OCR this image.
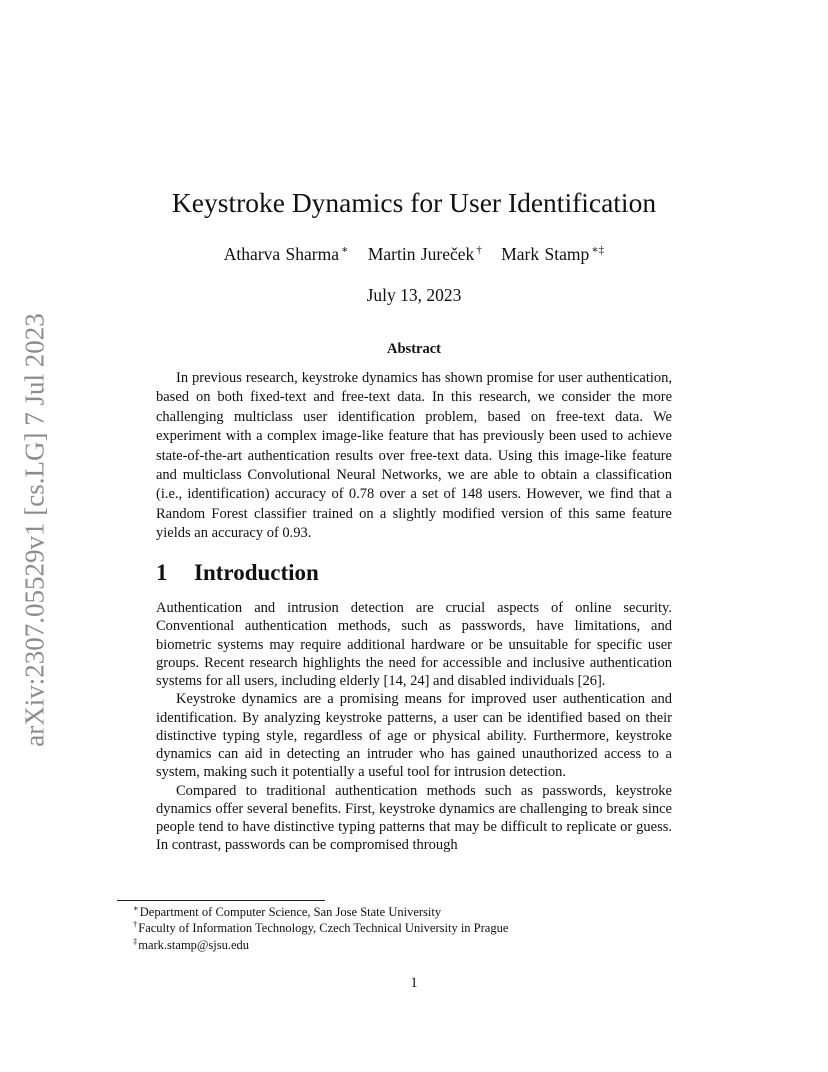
arXiv:2307.05529v1 [cs.LG] 7 Jul 2023
Keystroke Dynamics for User Identification
Atharva Sharma ∗ Martin Jureček † Mark Stamp ∗‡
July 13, 2023
Abstract
In previous research, keystroke dynamics has shown promise for user authentication, based on both fixed-text and free-text data. In this research, we consider the more challenging multiclass user identification problem, based on free-text data. We experiment with a complex image-like feature that has previously been used to achieve state-of-the-art authentication results over free-text data. Using this image-like feature and multiclass Convolutional Neural Networks, we are able to obtain a classification (i.e., identification) accuracy of 0.78 over a set of 148 users. However, we find that a Random Forest classifier trained on a slightly modified version of this same feature yields an accuracy of 0.93.
1 Introduction

Authentication and intrusion detection are crucial aspects of online security. Conventional authentication methods, such as passwords, have limitations, and biometric systems may require additional hardware or be unsuitable for specific user groups. Recent research highlights the need for accessible and inclusive authentication systems for all users, including elderly [14, 24] and disabled individuals [26].

Keystroke dynamics are a promising means for improved user authentication and identification. By analyzing keystroke patterns, a user can be identified based on their distinctive typing style, regardless of age or physical ability. Furthermore, keystroke dynamics can aid in detecting an intruder who has gained unauthorized access to a system, making such it potentially a useful tool for intrusion detection.

Compared to traditional authentication methods such as passwords, keystroke dynamics offer several benefits. First, keystroke dynamics are challenging to break since people tend to have distinctive typing patterns that may be difficult to replicate or guess. In contrast, passwords can be compromised through

∗Department of Computer Science, San Jose State University

†Faculty of Information Technology, Czech Technical University in Prague

‡mark.stamp@sjsu.edu

1
